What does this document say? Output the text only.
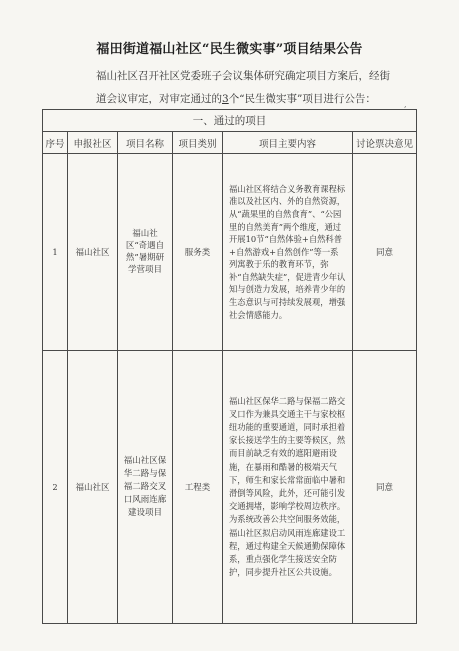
福田街道福山社区“民生微实事”项目结果公告
福山社区召开社区党委班子会议集体研究确定项目方案后，经街
道会议审定，对审定通过的3个“民生微实事”项目进行公告：	,
一、通过的项目					
序号	申报社区	项目名称	项目类别	项目主要内容	讨论票决意见
1	福山社区	福山社区“奇遇自然”暑期研学营项目	服务类	福山社区将结合义务教育课程标准以及社区内、外的自然资源，从“蔬果里的自然食育”、“公园里的自然美育”两个维度，通过开展10节“自然体验+自然科普+自然游戏+自然创作”等一系列寓教于乐的教育环节，弥补“自然缺失症”，促进青少年认知与创造力发展，培养青少年的生态意识与可持续发展观，增强社会情感能力。	同意
2	福山社区	福山社区保华二路与保福二路交叉口风雨连廊建设项目	工程类	福山社区保华二路与保福二路交叉口作为兼具交通主干与家校枢纽功能的重要通道，同时承担着家长接送学生的主要等候区，然而目前缺乏有效的遮阳避雨设施，在暴雨和酷暑的极端天气下，师生和家长常常面临中暑和滑倒等风险，此外，还可能引发交通拥堵，影响学校周边秩序。为系统改善公共空间服务效能，福山社区拟启动风雨连廊建设工程，通过构建全天候通勤保障体系，重点强化学生接送安全防护，同步提升社区公共设施。	同意
